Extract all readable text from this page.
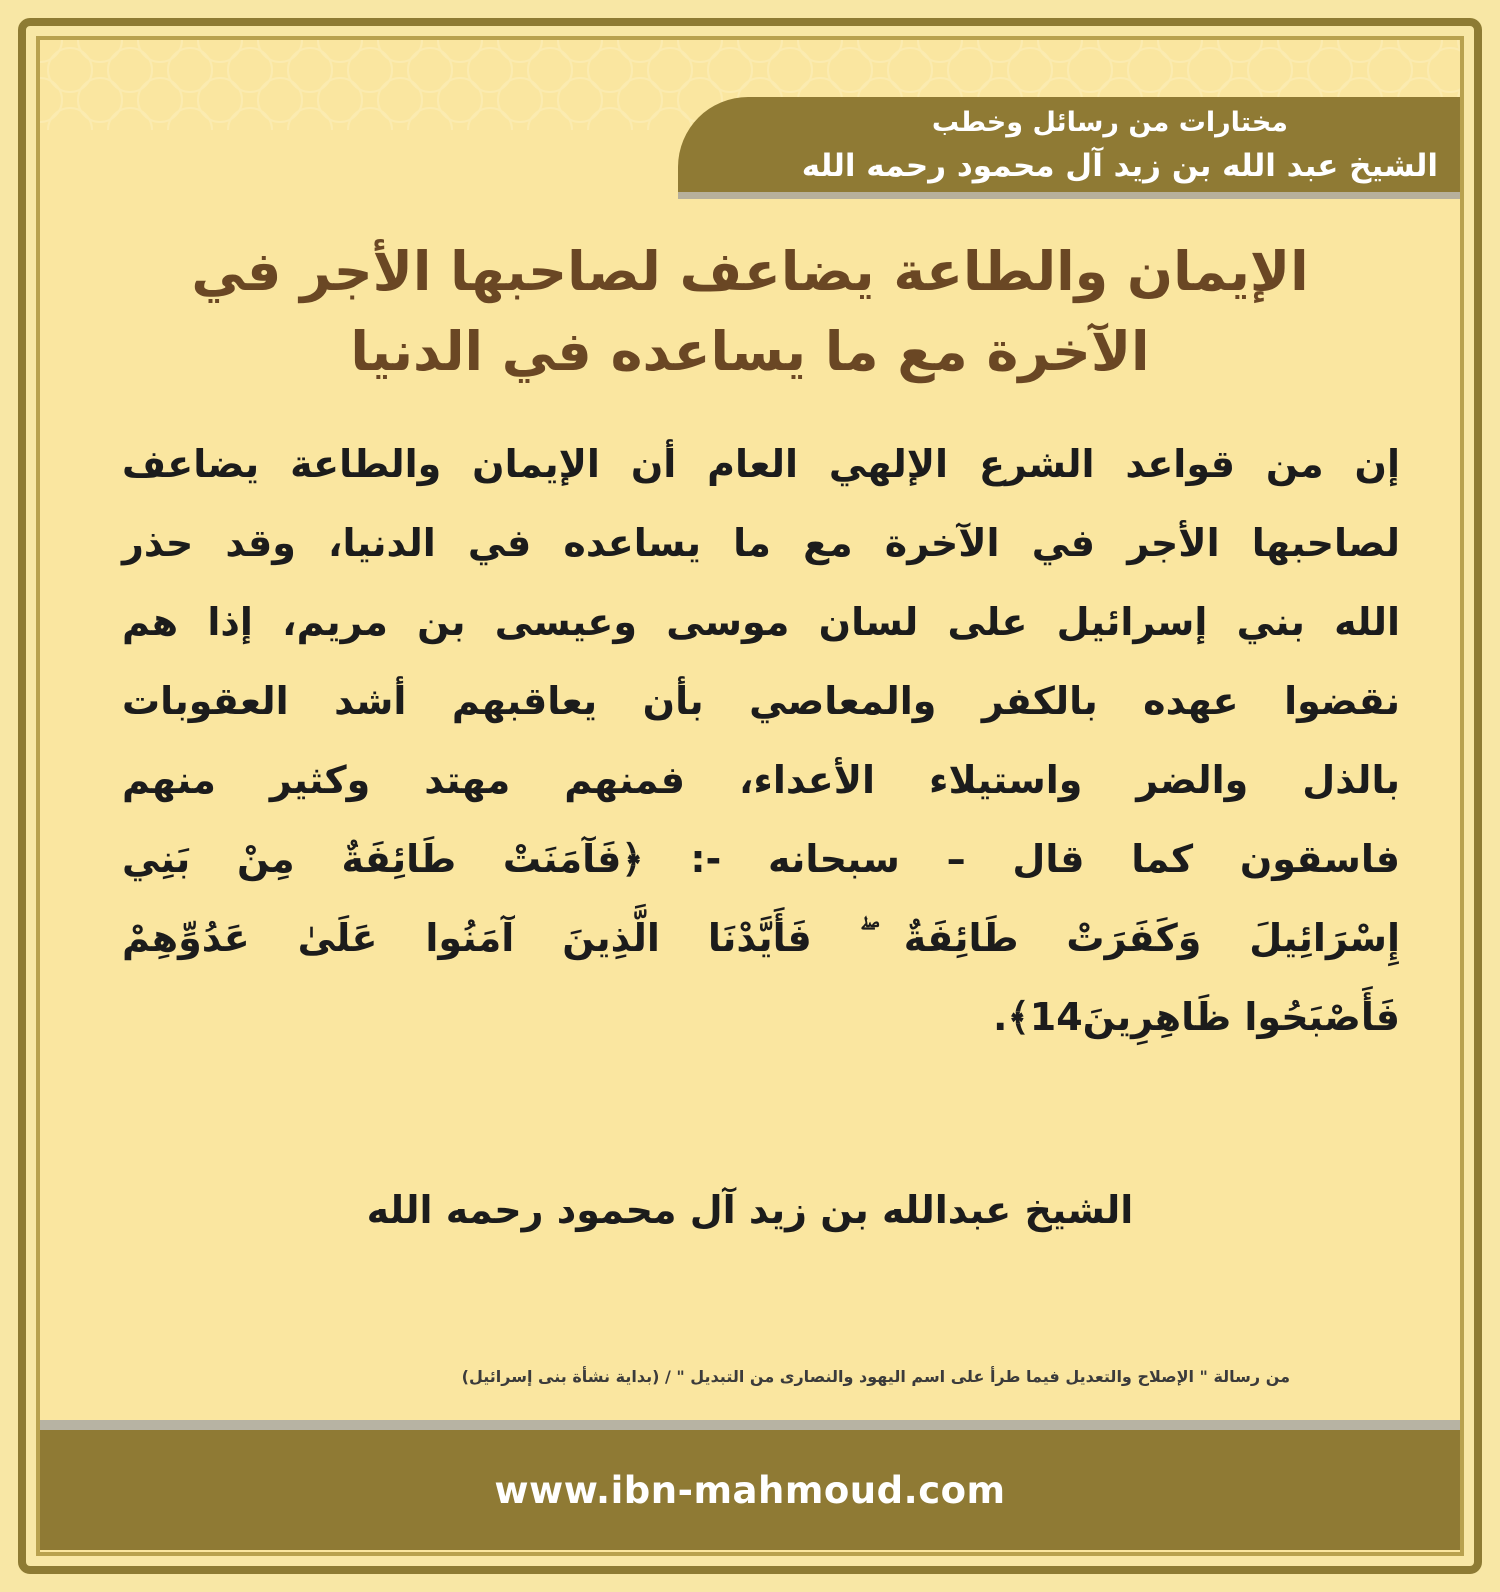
مختارات من رسائل وخطب
الشيخ عبد الله بن زيد آل محمود رحمه الله
الإيمان والطاعة يضاعف لصاحبها الأجر في
الآخرة مع ما يساعده في الدنيا
إن من قواعد الشرع الإلهي العام أن الإيمان والطاعة يضاعف
لصاحبها الأجر في الآخرة مع ما يساعده في الدنيا، وقد حذر
الله بني إسرائيل على لسان موسى وعيسى بن مريم، إذا هم
نقضوا عهده بالكفر والمعاصي بأن يعاقبهم أشد العقوبات
بالذل والضر واستيلاء الأعداء، فمنهم مهتد وكثير منهم
فاسقون كما قال – سبحانه -: ﴿فَآمَنَتْ طَائِفَةٌ مِنْ بَنِي
إِسْرَائِيلَ وَكَفَرَتْ طَائِفَةٌ ۖ فَأَيَّدْنَا الَّذِينَ آمَنُوا عَلَىٰ عَدُوِّهِمْ
فَأَصْبَحُوا ظَاهِرِينَ14﴾.
الشيخ عبدالله بن زيد آل محمود رحمه الله
من رسالة " الإصلاح والتعديل فيما طرأ على اسم اليهود والنصارى من التبديل " / (بداية نشأة بنى إسرائيل)
www.ibn-mahmoud.com
